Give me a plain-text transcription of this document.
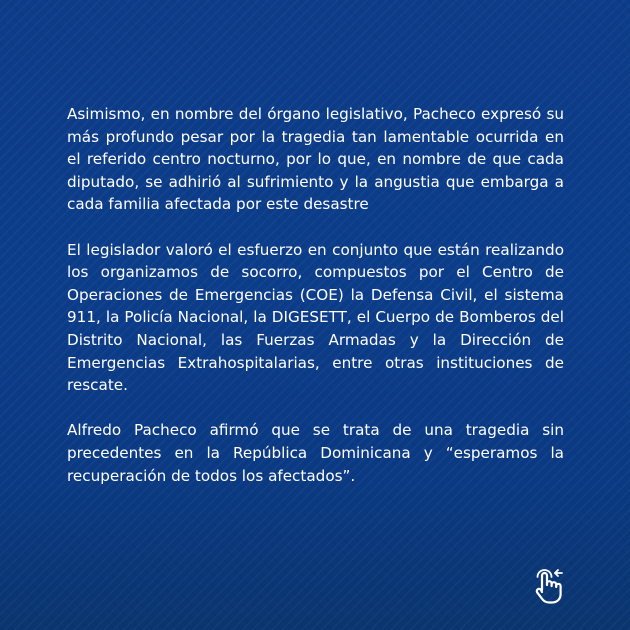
Asimismo, en nombre del órgano legislativo, Pacheco expresó su más profundo pesar por la tragedia tan lamentable ocurrida en el referido centro nocturno, por lo que, en nombre de que cada diputado, se adhirió al sufrimiento y la angustia que embarga a cada familia afectada por este desastre

El legislador valoró el esfuerzo en conjunto que están realizando los organizamos de socorro, compuestos por el Centro de Operaciones de Emergencias (COE) la Defensa Civil, el sistema 911, la Policía Nacional, la DIGESETT, el Cuerpo de Bomberos del Distrito Nacional, las Fuerzas Armadas y la Dirección de Emergencias Extrahospitalarias, entre otras instituciones de rescate.

Alfredo Pacheco afirmó que se trata de una tragedia sin precedentes en la República Dominicana y “esperamos la recuperación de todos los afectados”.
